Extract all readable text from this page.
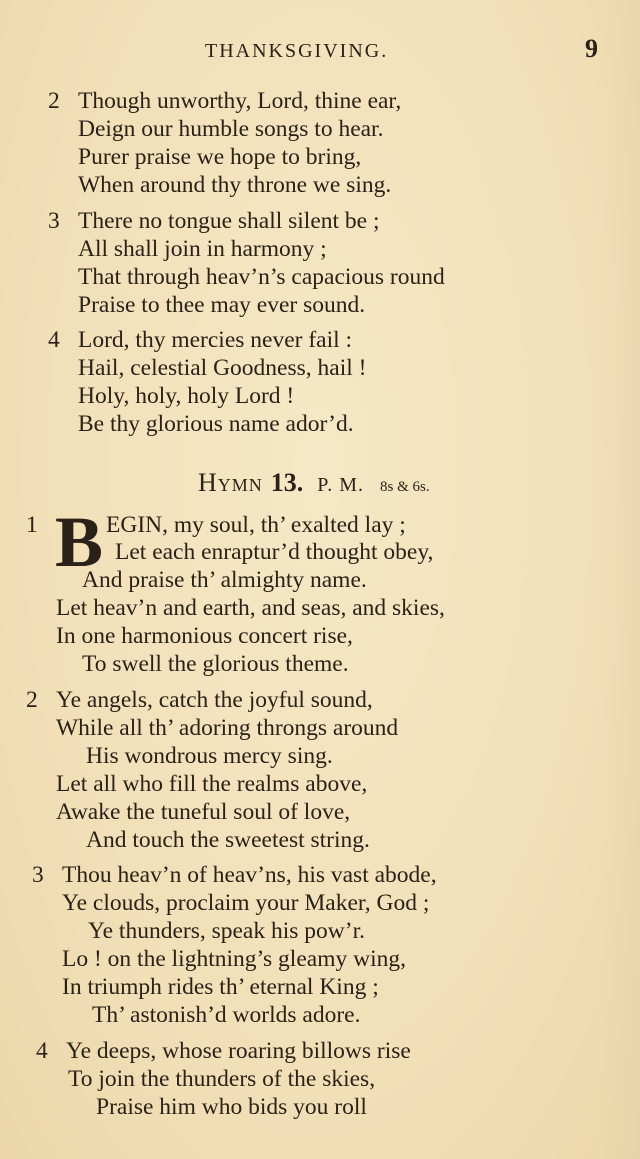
THANKSGIVING.	9
2 Though unworthy, Lord, thine ear,
Deign our humble songs to hear.
Purer praise we hope to bring,
When around thy throne we sing.
3 There no tongue shall silent be ;
All shall join in harmony ;
That through heav’n’s capacious round
Praise to thee may ever sound.
4 Lord, thy mercies never fail :
Hail, celestial Goodness, hail !
Holy, holy, holy Lord !
Be thy glorious name ador’d.
Hymn 13. P. M. 8s & 6s.
1 B EGIN, my soul, th’ exalted lay ;
Let each enraptur’d thought obey,
And praise th’ almighty name.
Let heav’n and earth, and seas, and skies,
In one harmonious concert rise,
To swell the glorious theme.
2 Ye angels, catch the joyful sound,
While all th’ adoring throngs around
His wondrous mercy sing.
Let all who fill the realms above,
Awake the tuneful soul of love,
And touch the sweetest string.
3 Thou heav’n of heav’ns, his vast abode,
Ye clouds, proclaim your Maker, God ;
Ye thunders, speak his pow’r.
Lo ! on the lightning’s gleamy wing,
In triumph rides th’ eternal King ;
Th’ astonish’d worlds adore.
4 Ye deeps, whose roaring billows rise
To join the thunders of the skies,
Praise him who bids you roll
